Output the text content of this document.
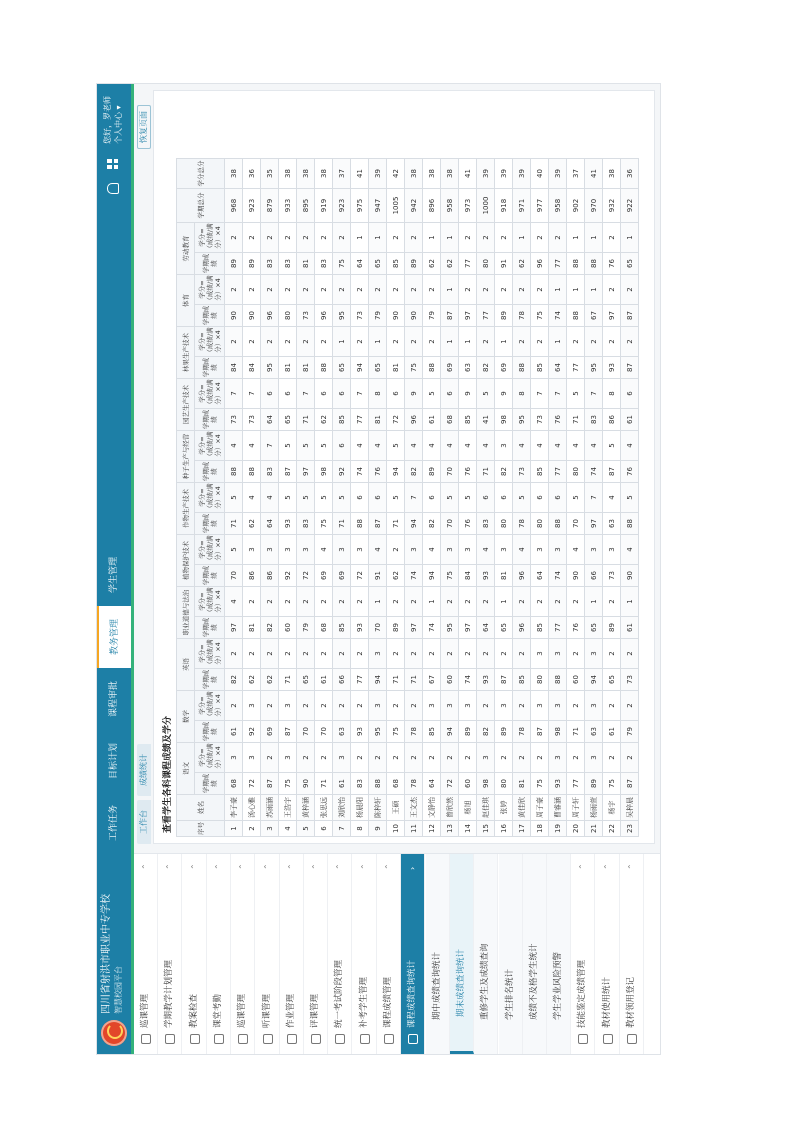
四川省射洪市职业中专学校 智慧校园平台
工作任务
目标计划
课程审批
教务管理
学生管理
您好，罗老师 个人中心 ▾
⌃
巡课管理
⌃
学期教学计划管理
⌃
教案检查
⌃
课堂考勤
⌃
巡课管理
⌃
听课管理
⌃
作业管理
⌃
评课管理
⌃
统一考试阶段管理
⌃
补考学生管理
⌃
课程成绩管理
›
课程成绩查询统计	期中成绩查询统计	期末成绩查询统计	重修学生及成绩查询	学生排名统计	成绩不及格学生统计	学生学业风险预警
⌃
技能鉴定成绩管理
⌃
教材使用统计
⌃
教材领用登记
工作台
成绩统计
恢复页面
查看学生各科课程成绩及学分	序号	姓名	语文		数学		英语		职业道德与法治		植物保护技术		作物生产技术		种子生产与经营		园艺生产技术		林果生产技术		体育		劳动教育		学期总分	学分总分
		学期成绩	学分=（成绩/满分）×4	学期成绩	学分=（成绩/满分）×4	学期成绩	学分=（成绩/满分）×4	学期成绩	学分=（成绩/满分）×4	学期成绩	学分=（成绩/满分）×4	学期成绩	学分=（成绩/满分）×4	学期成绩	学分=（成绩/满分）×4	学期成绩	学分=（成绩/满分）×4	学期成绩	学分=（成绩/满分）×4	学期成绩	学分=（成绩/满分）×4	学期成绩	学分=（成绩/满分）×4		
1	李子豪	68	3	61	2	82	2	97	4	70	5	71	5	88	4	73	7	84	2	90	2	89	2	968	38
2	汤心雅	72	3	92	3	62	2	81	2	86	3	62	4	88	4	73	7	84	2	90	2	89	2	923	36
3	苏雨涵	87	2	69	2	62	2	82	2	86	3	64	4	83	7	64	6	95	2	96	2	83	2	879	35
4	王浩宇	75	3	87	3	71	2	60	2	92	3	93	5	87	5	65	6	81	2	80	2	83	2	933	38
5	黄梓涵	90	2	70	2	65	2	79	2	72	3	83	5	97	5	71	7	81	2	73	2	81	2	895	38
6	张思远	71	2	70	2	61	2	68	2	69	4	75	5	98	5	62	6	88	2	96	2	83	2	919	38
7	刘欣怡	61	3	63	2	66	2	85	2	69	3	71	5	92	6	85	6	65	1	95	2	75	2	923	37
8	杨晨阳	83	2	93	2	77	2	93	2	72	3	88	6	74	4	77	7	94	2	73	2	64	1	975	41
9	陈梓轩	88	2	95	3	94	3	70	1	91	4	87	6	76	4	81	8	65	1	79	2	65	1	947	39
10	王硕	68	2	75	2	71	2	89	2	62	2	71	5	94	5	72	6	81	2	90	2	85	2	1005	42
11	王文杰	78	2	78	2	71	2	97	2	74	3	94	7	82	4	96	9	75	2	90	2	89	2	942	38
12	文静怡	64	2	85	3	67	2	74	1	94	4	82	6	89	4	61	5	88	2	79	2	62	1	896	38
13	曾欣然	72	2	94	3	60	2	95	2	75	3	70	5	70	4	68	6	69	1	87	1	62	1	958	38
14	杨旭	60	2	89	3	74	2	97	2	84	3	76	5	76	4	85	9	63	1	97	2	77	2	973	41
15	赵佳琪	98	3	82	2	93	2	64	2	93	4	83	6	71	4	41	5	82	2	77	2	80	2	1000	39
16	张婷	80	2	89	3	87	2	65	1	81	3	80	6	82	3	98	9	69	1	89	2	91	2	918	39
17	黄佳欣	81	2	78	2	85	2	96	2	96	4	78	5	73	4	95	8	88	2	78	2	62	1	971	39
18	周子豪	75	2	87	3	80	3	85	2	64	3	80	6	85	4	73	7	85	2	75	2	96	2	977	40
19	曹睿涵	93	3	98	3	88	3	77	2	74	3	88	6	77	4	76	7	64	1	74	1	77	2	958	39
20	周子轩	77	2	71	2	60	2	76	2	90	4	70	5	80	4	71	5	77	2	88	1	88	1	902	37
21	杨雨萱	89	3	63	3	94	3	65	1	66	3	97	7	74	4	83	7	95	2	67	1	88	1	970	41
22	杨宇	75	2	61	2	65	2	89	2	73	3	63	4	87	5	86	8	93	2	97	2	76	2	932	38
23	吴梓晨	87	2	79	2	73	2	61	1	90	4	88	5	76	4	61	6	87	2	87	2	65	1	922	36
